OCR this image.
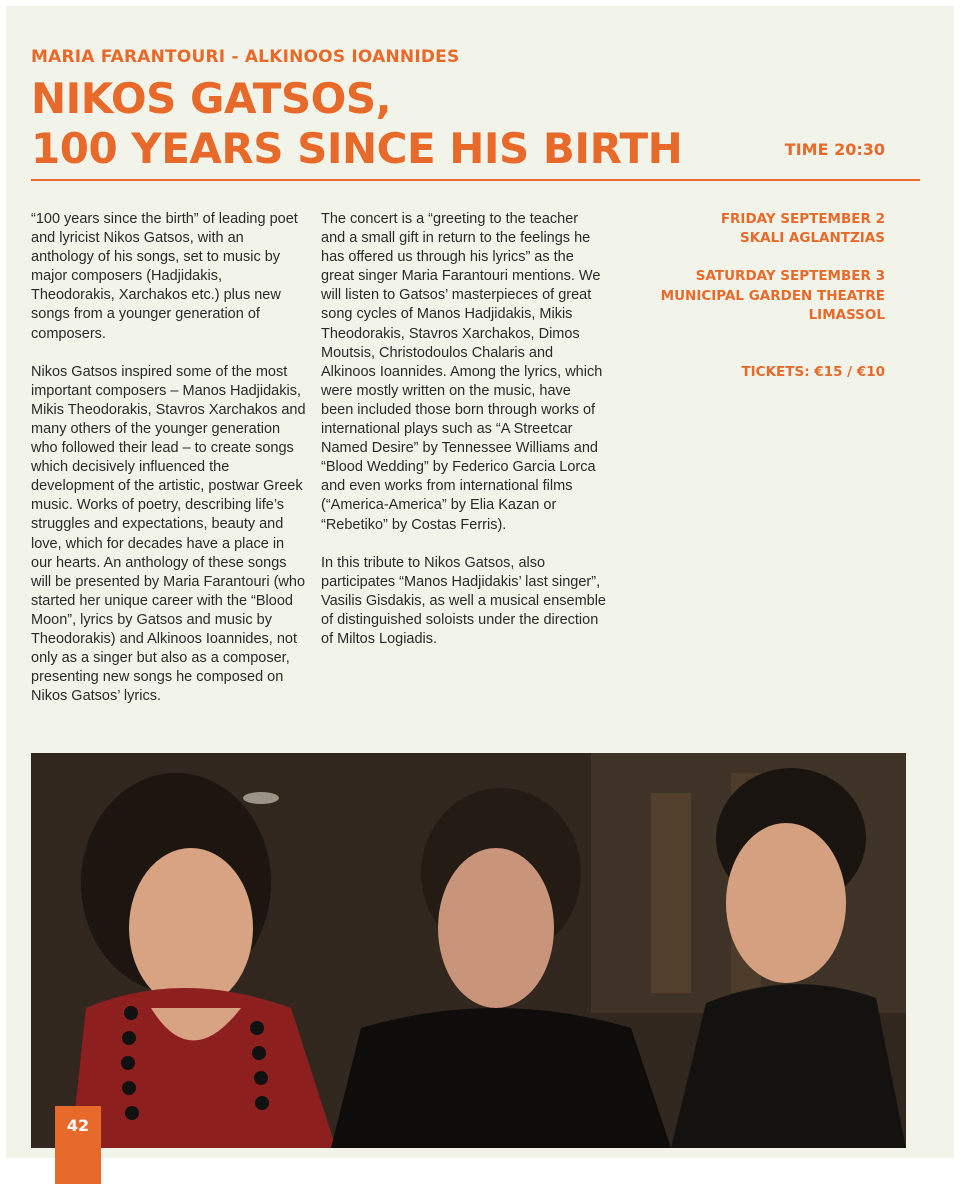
MARIA FARANTOURI - ALKINOOS IOANNIDES
NIKOS GATSOS,
100 YEARS SINCE HIS BIRTH	TIME 20:30

“100 years since the birth” of leading poet and lyricist Nikos Gatsos, with an anthology of his songs, set to music by major composers (Hadjidakis, Theodorakis, Xarchakos etc.) plus new songs from a younger generation of composers.

Nikos Gatsos inspired some of the most important composers – Manos Hadjidakis, Mikis Theodorakis, Stavros Xarchakos and many others of the younger generation who followed their lead – to create songs which decisively influenced the development of the artistic, postwar Greek music. Works of poetry, describing life’s struggles and expectations, beauty and love, which for decades have a place in our hearts. An anthology of these songs will be presented by Maria Farantouri (who started her unique career with the “Blood Moon”, lyrics by Gatsos and music by Theodorakis) and Alkinoos Ioannides, not only as a singer but also as a composer, presenting new songs he composed on Nikos Gatsos’ lyrics.

The concert is a “greeting to the teacher and a small gift in return to the feelings he has offered us through his lyrics” as the great singer Maria Farantouri mentions. We will listen to Gatsos’ masterpieces of great song cycles of Manos Hadjidakis, Mikis Theodorakis, Stavros Xarchakos, Dimos Moutsis, Christodoulos Chalaris and Alkinoos Ioannides. Among the lyrics, which were mostly written on the music, have been included those born through works of international plays such as “A Streetcar Named Desire” by Tennessee Williams and “Blood Wedding” by Federico Garcia Lorca and even works from international films (“America-America” by Elia Kazan or “Rebetiko” by Costas Ferris).

In this tribute to Nikos Gatsos, also participates “Manos Hadjidakis’ last singer”, Vasilis Gisdakis, as well a musical ensemble of distinguished soloists under the direction of Miltos Logiadis.

FRIDAY SEPTEMBER 2
SKALI AGLANTZIAS
SATURDAY SEPTEMBER 3
MUNICIPAL GARDEN THEATRE
LIMASSOL
TICKETS: €15 / €10
42
